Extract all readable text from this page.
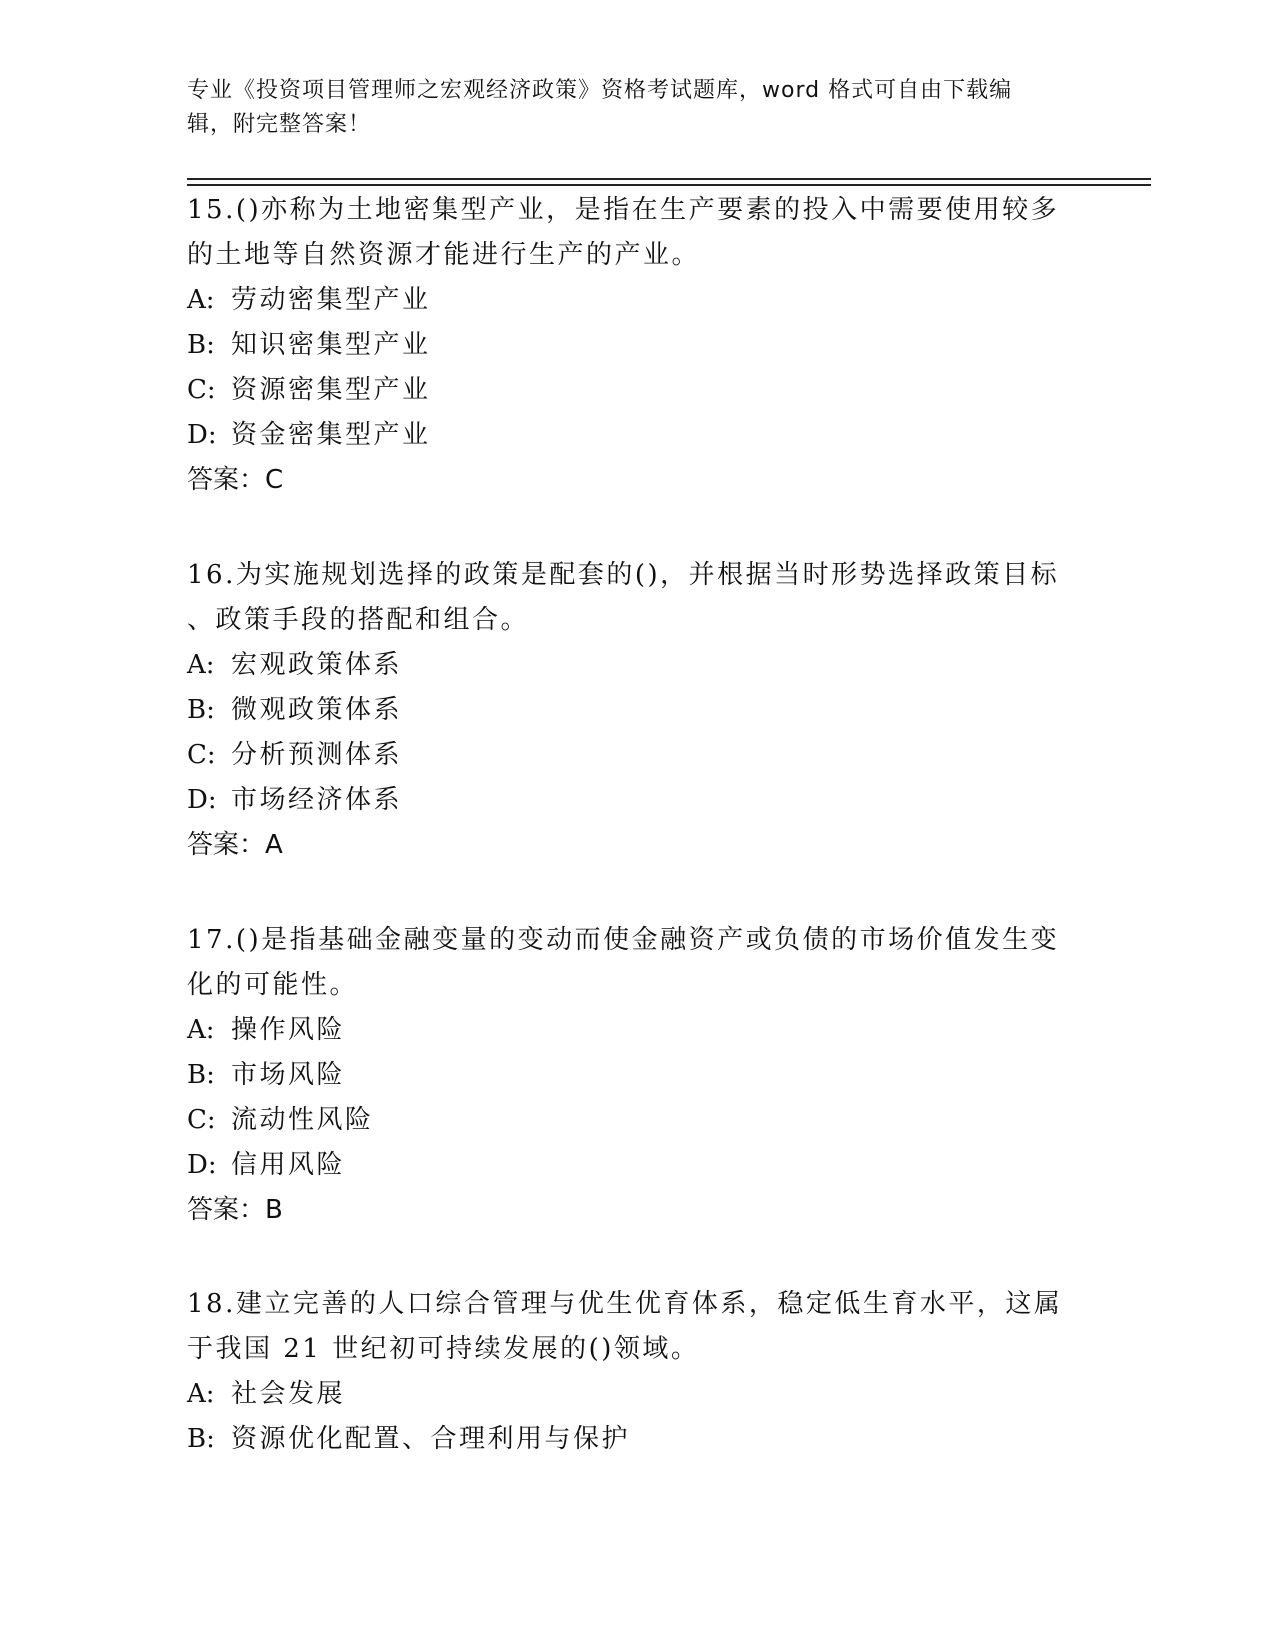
专业《投资项目管理师之宏观经济政策》资格考试题库，word 格式可自由下载编
辑，附完整答案！

15.()亦称为土地密集型产业，是指在生产要素的投入中需要使用较多

的土地等自然资源才能进行生产的产业。

A: 劳动密集型产业

B: 知识密集型产业

C: 资源密集型产业

D: 资金密集型产业

答案：C

16.为实施规划选择的政策是配套的()，并根据当时形势选择政策目标

、政策手段的搭配和组合。

A: 宏观政策体系

B: 微观政策体系

C: 分析预测体系

D: 市场经济体系

答案：A

17.()是指基础金融变量的变动而使金融资产或负债的市场价值发生变

化的可能性。

A: 操作风险

B: 市场风险

C: 流动性风险

D: 信用风险

答案：B

18.建立完善的人口综合管理与优生优育体系，稳定低生育水平，这属

于我国 21 世纪初可持续发展的()领域。

A: 社会发展

B: 资源优化配置、合理利用与保护
